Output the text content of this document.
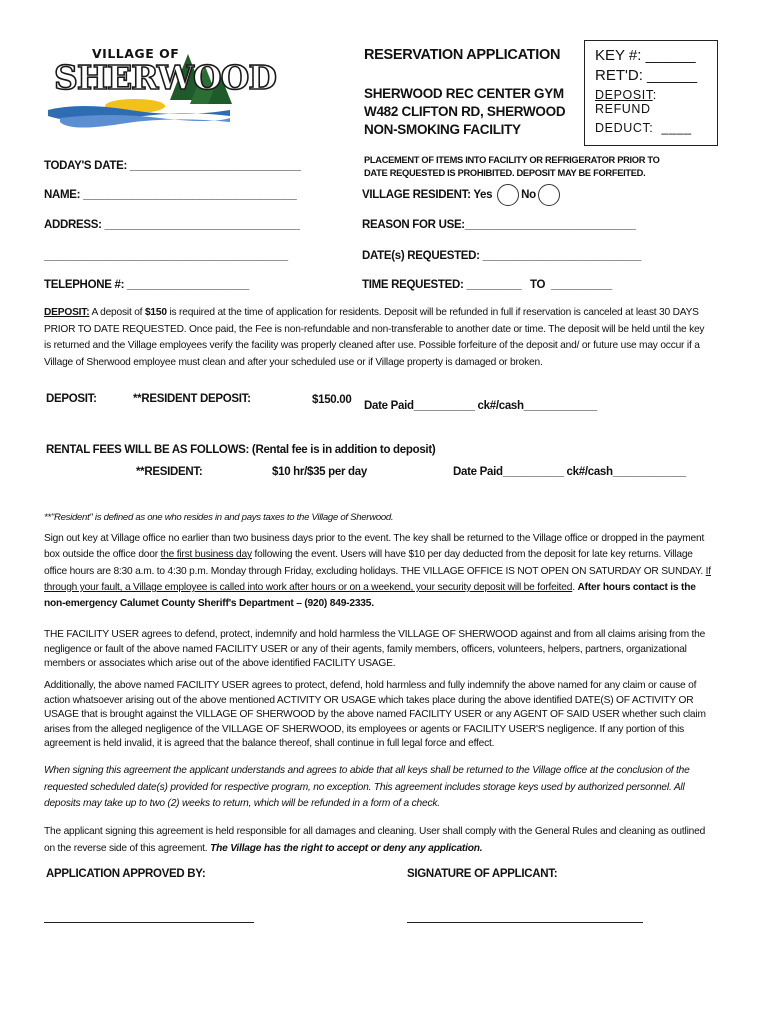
VILLAGE OF
SHERWOOD
RESERVATION APPLICATION
SHERWOOD REC CENTER GYM
W482 CLIFTON RD, SHERWOOD
NON-SMOKING FACILITY
KEY #: ______
RET'D: ______
DEPOSIT:
REFUND
DEDUCT:  ____
PLACEMENT OF ITEMS INTO FACILITY OR REFRIGERATOR PRIOR TO
DATE REQUESTED IS PROHIBITED. DEPOSIT MAY BE FORFEITED.
TODAY'S DATE: ____________________________
NAME: ___________________________________
ADDRESS: ________________________________
________________________________________
TELEPHONE #: ____________________
VILLAGE RESIDENT: Yes	No
REASON FOR USE:____________________________
DATE(s) REQUESTED: __________________________
TIME REQUESTED: _________   TO  __________

DEPOSIT: A deposit of $150 is required at the time of application for residents. Deposit will be refunded in full if reservation is canceled at least 30 DAYS PRIOR TO DATE REQUESTED. Once paid, the Fee is non-refundable and non-transferable to another date or time. The deposit will be held until the key is returned and the Village employees verify the facility was properly cleaned after use. Possible forfeiture of the deposit and/ or future use may occur if a Village of Sherwood employee must clean and after your scheduled use or if Village property is damaged or broken.

DEPOSIT:	**RESIDENT DEPOSIT:	$150.00 Date Paid__________ ck#/cash____________
RENTAL FEES WILL BE AS FOLLOWS: (Rental fee is in addition to deposit)
**RESIDENT:	$10 hr/$35 per day	Date Paid__________ ck#/cash____________
**"Resident" is defined as one who resides in and pays taxes to the Village of Sherwood.

Sign out key at Village office no earlier than two business days prior to the event. The key shall be returned to the Village office or dropped in the payment box outside the office door the first business day following the event. Users will have $10 per day deducted from the deposit for late key returns. Village office hours are 8:30 a.m. to 4:30 p.m. Monday through Friday, excluding holidays. THE VILLAGE OFFICE IS NOT OPEN ON SATURDAY OR SUNDAY. If through your fault, a Village employee is called into work after hours or on a weekend, your security deposit will be forfeited. After hours contact is the non-emergency Calumet County Sheriff's Department – (920) 849-2335.

THE FACILITY USER agrees to defend, protect, indemnify and hold harmless the VILLAGE OF SHERWOOD against and from all claims arising from the negligence or fault of the above named FACILITY USER or any of their agents, family members, officers, volunteers, helpers, partners, organizational members or associates which arise out of the above identified FACILITY USAGE.

Additionally, the above named FACILITY USER agrees to protect, defend, hold harmless and fully indemnify the above named for any claim or cause of action whatsoever arising out of the above mentioned ACTIVITY OR USAGE which takes place during the above identified DATE(S) OF ACTIVITY OR USAGE that is brought against the VILLAGE OF SHERWOOD by the above named FACILITY USER or any AGENT OF SAID USER whether such claim arises from the alleged negligence of the VILLAGE OF SHERWOOD, its employees or agents or FACILITY USER'S negligence. If any portion of this agreement is held invalid, it is agreed that the balance thereof, shall continue in full legal force and effect.

When signing this agreement the applicant understands and agrees to abide that all keys shall be returned to the Village office at the conclusion of the requested scheduled date(s) provided for respective program, no exception. This agreement includes storage keys used by authorized personnel. All deposits may take up to two (2) weeks to return, which will be refunded in a form of a check.

The applicant signing this agreement is held responsible for all damages and cleaning. User shall comply with the General Rules and cleaning as outlined on the reverse side of this agreement. The Village has the right to accept or deny any application.

APPLICATION APPROVED BY:	SIGNATURE OF APPLICANT:
